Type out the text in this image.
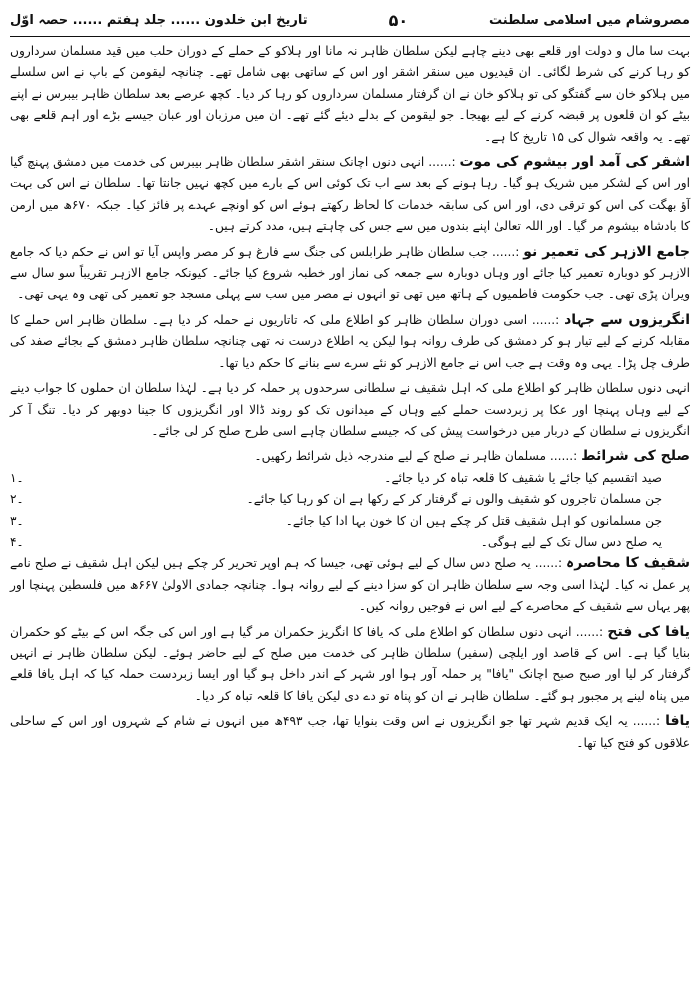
مصروشام میں اسلامی سلطنت
۵۰
تاریخ ابن خلدون ...... جلد ہفتم ...... حصہ اوّل

بہت سا مال و دولت اور قلعے بھی دینے چاہے لیکن سلطان ظاہر نہ مانا اور ہلاکو کے حملے کے دوران حلب میں قید مسلمان سرداروں کو رہا کرنے کی شرط لگائی۔ ان قیدیوں میں سنقر اشقر اور اس کے ساتھی بھی شامل تھے۔ چنانچہ لیقومن کے باپ نے اس سلسلے میں ہلاکو خان سے گفتگو کی تو ہلاکو خان نے ان گرفتار مسلمان سرداروں کو رہا کر دیا۔ کچھ عرصے بعد سلطان ظاہر بیبرس نے اپنے بیٹے کو ان قلعوں پر قبضہ کرنے کے لیے بھیجا۔ جو لیقومن کے بدلے دیئے گئے تھے۔ ان میں مرزبان اور عبان جیسے بڑے اور اہم قلعے بھی تھے۔ یہ واقعہ شوال کی ۱۵ تاریخ کا ہے۔

اشقر کی آمد اور بیشوم کی موت :...... انہی دنوں اچانک سنقر اشقر سلطان ظاہر بیبرس کی خدمت میں دمشق پہنچ گیا اور اس کے لشکر میں شریک ہو گیا۔ رہا ہونے کے بعد سے اب تک کوئی اس کے بارے میں کچھ نہیں جانتا تھا۔ سلطان نے اس کی بہت آؤ بھگت کی اس کو ترقی دی، اور اس کی سابقہ خدمات کا لحاظ رکھتے ہوئے اس کو اونچے عہدے پر فائز کیا۔ جبکہ ۶۷۰ھ میں ارمن کا بادشاہ بیشوم مر گیا۔ اور اللہ تعالیٰ اپنے بندوں میں سے جس کی چاہتے ہیں، مدد کرتے ہیں۔

جامع الازہر کی تعمیر نو :...... جب سلطان ظاہر طرابلس کی جنگ سے فارغ ہو کر مصر واپس آیا تو اس نے حکم دیا کہ جامع الازہر کو دوبارہ تعمیر کیا جائے اور وہاں دوبارہ سے جمعہ کی نماز اور خطبہ شروع کیا جائے۔ کیونکہ جامع الازہر تقریباً سو سال سے ویران پڑی تھی۔ جب حکومت فاطمیوں کے ہاتھ میں تھی تو انہوں نے مصر میں سب سے پہلی مسجد جو تعمیر کی تھی وہ یہی تھی۔

انگریزوں سے جہاد :...... اسی دوران سلطان ظاہر کو اطلاع ملی کہ تاتاریوں نے حملہ کر دیا ہے۔ سلطان ظاہر اس حملے کا مقابلہ کرنے کے لیے تیار ہو کر دمشق کی طرف روانہ ہوا لیکن یہ اطلاع درست نہ تھی چنانچہ سلطان ظاہر دمشق کے بجائے صفد کی طرف چل پڑا۔ یہی وہ وقت ہے جب اس نے جامع الازہر کو نئے سرے سے بنانے کا حکم دیا تھا۔

انہی دنوں سلطان ظاہر کو اطلاع ملی کہ اہل شقیف نے سلطانی سرحدوں پر حملہ کر دیا ہے۔ لہٰذا سلطان ان حملوں کا جواب دینے کے لیے وہاں پہنچا اور عکا پر زبردست حملے کیے وہاں کے میدانوں تک کو روند ڈالا اور انگریزوں کا جینا دوبھر کر دیا۔ تنگ آ کر انگریزوں نے سلطان کے دربار میں درخواست پیش کی کہ جیسے سلطان چاہے اسی طرح صلح کر لی جائے۔

صلح کی شرائط :...... مسلمان ظاہر نے صلح کے لیے مندرجہ ذیل شرائط رکھیں۔

صید اتقسیم کیا جائے یا شقیف کا قلعہ تباہ کر دیا جائے۔
۱۔
جن مسلمان تاجروں کو شقیف والوں نے گرفتار کر کے رکھا ہے ان کو رہا کیا جائے۔
۲۔
جن مسلمانوں کو اہل شقیف قتل کر چکے ہیں ان کا خون بہا ادا کیا جائے۔
۳۔
یہ صلح دس سال تک کے لیے ہوگی۔
۴۔

شقیف کا محاصرہ :...... یہ صلح دس سال کے لیے ہوئی تھی، جیسا کہ ہم اوپر تحریر کر چکے ہیں لیکن اہل شقیف نے صلح نامے پر عمل نہ کیا۔ لہٰذا اسی وجہ سے سلطان ظاہر ان کو سزا دینے کے لیے روانہ ہوا۔ چنانچہ جمادی الاولیٰ ۶۶۷ھ میں فلسطین پہنچا اور پھر یہاں سے شقیف کے محاصرے کے لیے اس نے فوجیں روانہ کیں۔

یافا کی فتح :...... انہی دنوں سلطان کو اطلاع ملی کہ یافا کا انگریز حکمران مر گیا ہے اور اس کی جگہ اس کے بیٹے کو حکمران بنایا گیا ہے۔ اس کے قاصد اور ایلچی (سفیر) سلطان ظاہر کی خدمت میں صلح کے لیے حاضر ہوئے۔ لیکن سلطان ظاہر نے انہیں گرفتار کر لیا اور صبح صبح اچانک "یافا" پر حملہ آور ہوا اور شہر کے اندر داخل ہو گیا اور ایسا زبردست حملہ کیا کہ اہل یافا قلعے میں پناہ لینے پر مجبور ہو گئے۔ سلطان ظاہر نے ان کو پناہ تو دے دی لیکن یافا کا قلعہ تباہ کر دیا۔

یافا :...... یہ ایک قدیم شہر تھا جو انگریزوں نے اس وقت بنوایا تھا، جب ۴۹۳ھ میں انہوں نے شام کے شہروں اور اس کے ساحلی علاقوں کو فتح کیا تھا۔
